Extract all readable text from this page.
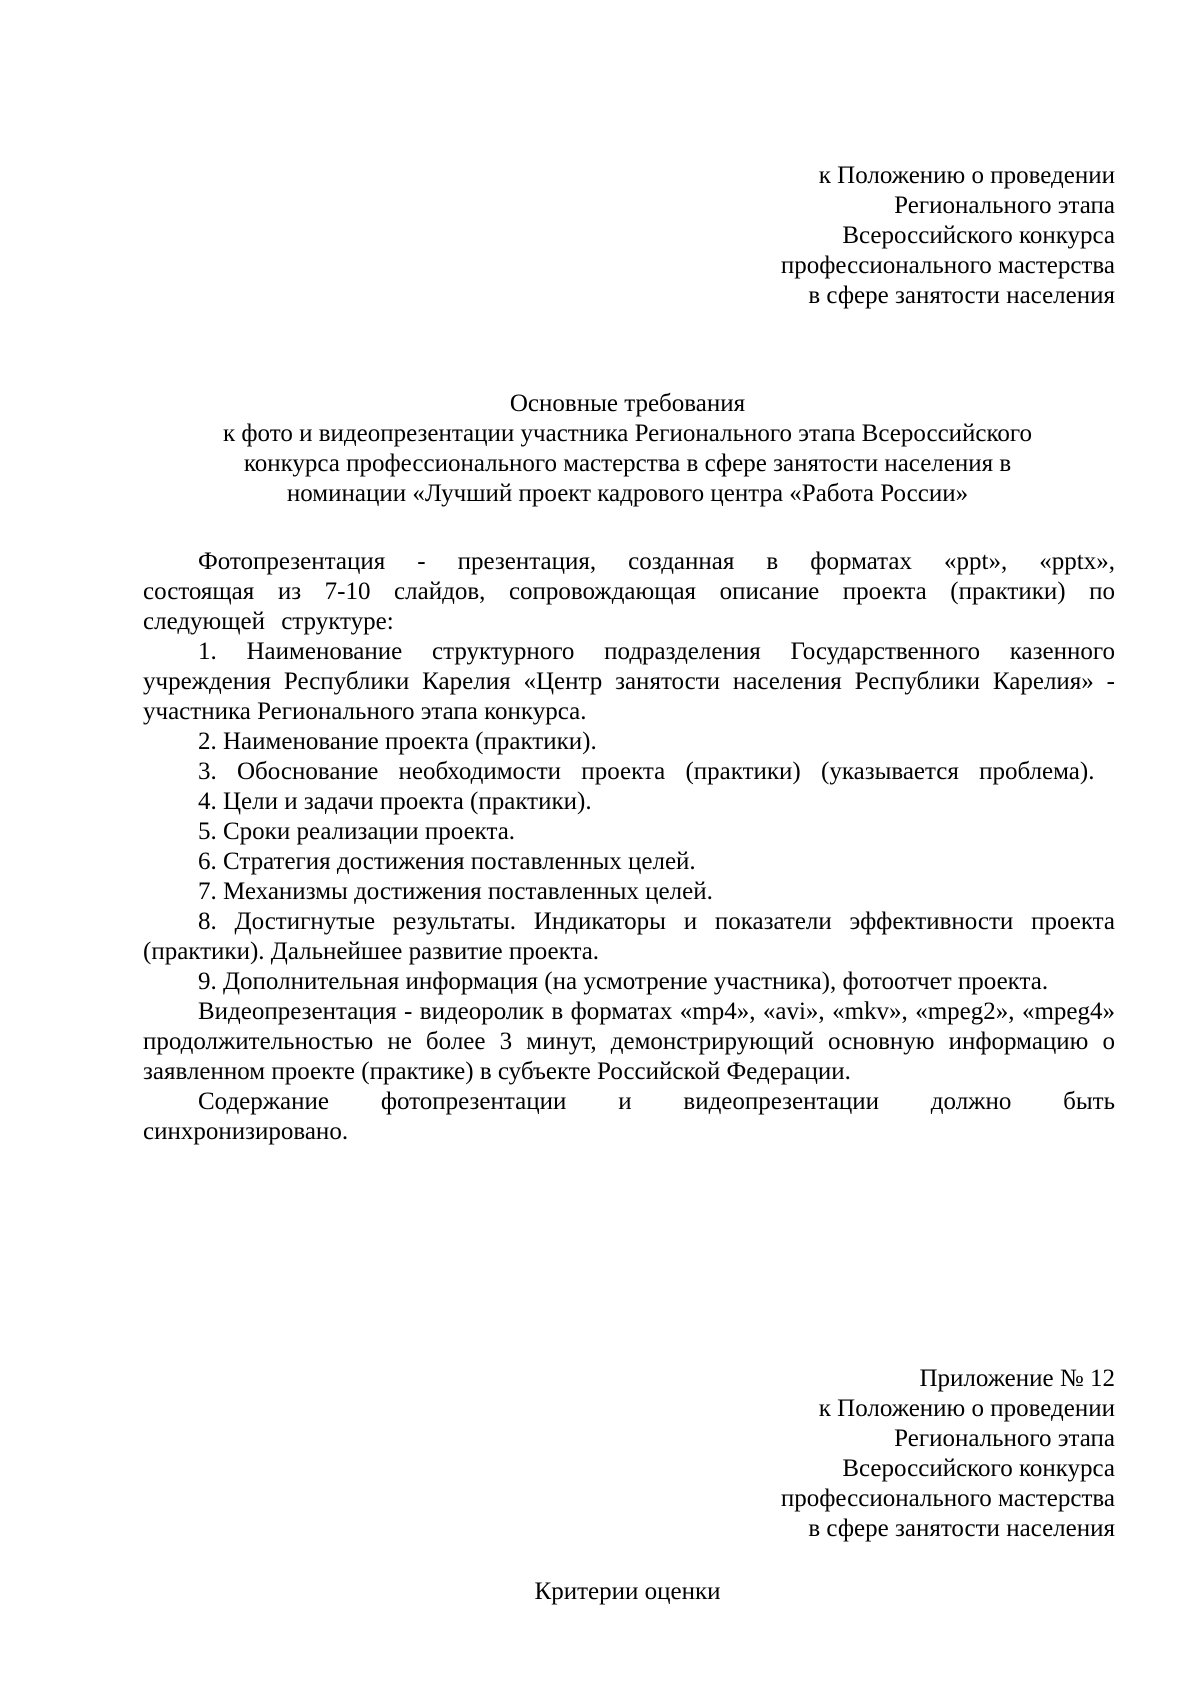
к Положению о проведении
Регионального этапа
Всероссийского конкурса
профессионального мастерства
в сфере занятости населения
Основные требования
к фото и видеопрезентации участника Регионального этапа Всероссийского
конкурса профессионального мастерства в сфере занятости населения в
номинации «Лучший проект кадрового центра «Работа России»

Фотопрезентация - презентация, созданная в форматах «ppt», «pptx», состоящая из 7-10 слайдов, сопровождающая описание проекта (практики) по следующей структуре:

1. Наименование структурного подразделения Государственного казенного учреждения Республики Карелия «Центр занятости населения Республики Карелия» - участника Регионального этапа конкурса.

2. Наименование проекта (практики).

3. Обоснование необходимости проекта (практики) (указывается проблема).

4. Цели и задачи проекта (практики).

5. Сроки реализации проекта.

6. Стратегия достижения поставленных целей.

7. Механизмы достижения поставленных целей.

8. Достигнутые результаты. Индикаторы и показатели эффективности проекта (практики). Дальнейшее развитие проекта.

9. Дополнительная информация (на усмотрение участника), фотоотчет проекта.

Видеопрезентация - видеоролик в форматах «mp4», «avi», «mkv», «mpeg2», «mpeg4» продолжительностью не более 3 минут, демонстрирующий основную информацию о заявленном проекте (практике) в субъекте Российской Федерации.

Содержание фотопрезентации и видеопрезентации должно быть синхронизировано.

Приложение № 12
к Положению о проведении
Регионального этапа
Всероссийского конкурса
профессионального мастерства
в сфере занятости населения
Критерии оценки
